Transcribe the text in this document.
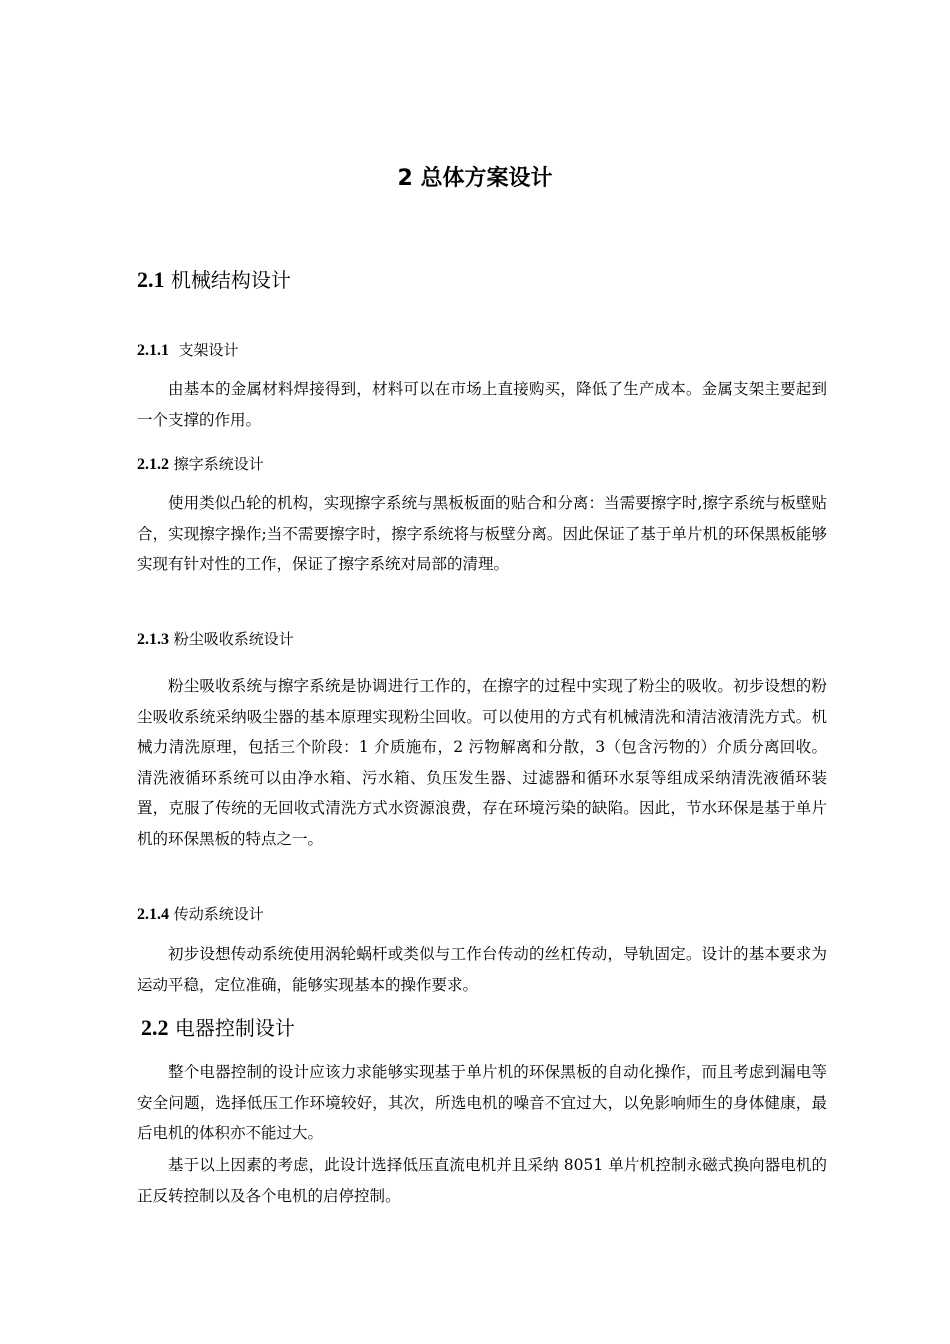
2 总体方案设计
2.1 机械结构设计
2.1.1 支架设计

由基本的金属材料焊接得到，材料可以在市场上直接购买，降低了生产成本。金属支架主要起到一个支撑的作用。

2.1.2 擦字系统设计

使用类似凸轮的机构，实现擦字系统与黑板板面的贴合和分离：当需要擦字时,擦字系统与板壁贴合，实现擦字操作;当不需要擦字时，擦字系统将与板壁分离。因此保证了基于单片机的环保黑板能够实现有针对性的工作，保证了擦字系统对局部的清理。

2.1.3 粉尘吸收系统设计

粉尘吸收系统与擦字系统是协调进行工作的，在擦字的过程中实现了粉尘的吸收。初步设想的粉尘吸收系统采纳吸尘器的基本原理实现粉尘回收。可以使用的方式有机械清洗和清洁液清洗方式。机械力清洗原理，包括三个阶段：1 介质施布，2 污物解离和分散，3（包含污物的）介质分离回收。清洗液循环系统可以由净水箱、污水箱、负压发生器、过滤器和循环水泵等组成采纳清洗液循环装置，克服了传统的无回收式清洗方式水资源浪费，存在环境污染的缺陷。因此，节水环保是基于单片机的环保黑板的特点之一。

2.1.4 传动系统设计

初步设想传动系统使用涡轮蜗杆或类似与工作台传动的丝杠传动，导轨固定。设计的基本要求为运动平稳，定位准确，能够实现基本的操作要求。

2.2 电器控制设计

整个电器控制的设计应该力求能够实现基于单片机的环保黑板的自动化操作，而且考虑到漏电等安全问题，选择低压工作环境较好，其次，所选电机的噪音不宜过大，以免影响师生的身体健康，最后电机的体积亦不能过大。

基于以上因素的考虑，此设计选择低压直流电机并且采纳 8051 单片机控制永磁式换向器电机的正反转控制以及各个电机的启停控制。
